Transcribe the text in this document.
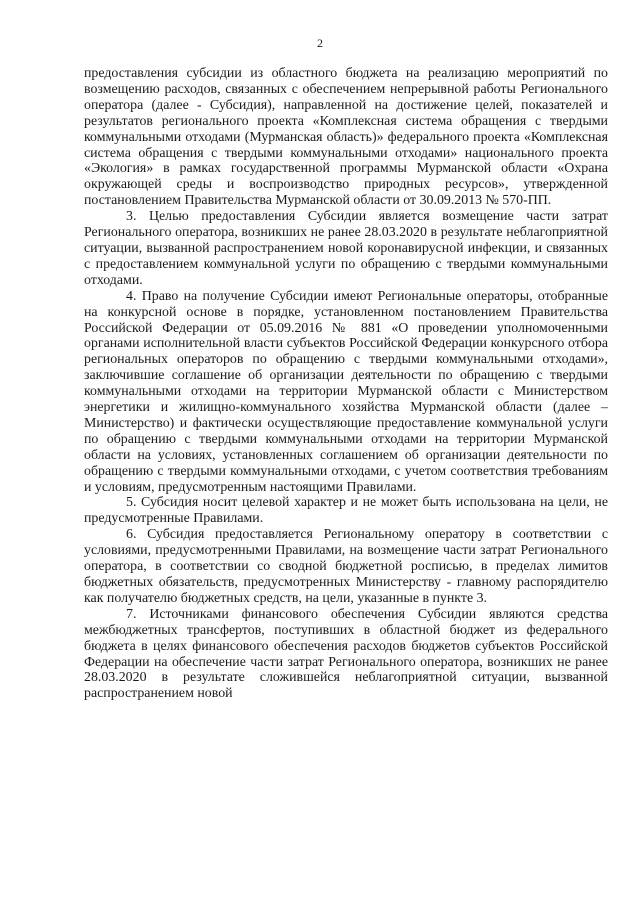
2

предоставления субсидии из областного бюджета на реализацию мероприятий по возмещению расходов, связанных с обеспечением непрерывной работы Регионального оператора (далее - Субсидия), направленной на достижение целей, показателей и результатов регионального проекта «Комплексная система обращения с твердыми коммунальными отходами (Мурманская область)» федерального проекта «Комплексная система обращения с твердыми коммунальными отходами» национального проекта «Экология» в рамках государственной программы Мурманской области «Охрана окружающей среды и воспроизводство природных ресурсов», утвержденной постановлением Правительства Мурманской области от 30.09.2013 № 570-ПП.

3. Целью предоставления Субсидии является возмещение части затрат Регионального оператора, возникших не ранее 28.03.2020 в результате неблагоприятной ситуации, вызванной распространением новой коронавирусной инфекции, и связанных с предоставлением коммунальной услуги по обращению с твердыми коммунальными отходами.

4. Право на получение Субсидии имеют Региональные операторы, отобранные на конкурсной основе в порядке, установленном постановлением Правительства Российской Федерации от 05.09.2016 № 881 «О проведении уполномоченными органами исполнительной власти субъектов Российской Федерации конкурсного отбора региональных операторов по обращению с твердыми коммунальными отходами», заключившие соглашение об организации деятельности по обращению с твердыми коммунальными отходами на территории Мурманской области с Министерством энергетики и жилищно-коммунального хозяйства Мурманской области (далее – Министерство) и фактически осуществляющие предоставление коммунальной услуги по обращению с твердыми коммунальными отходами на территории Мурманской области на условиях, установленных соглашением об организации деятельности по обращению с твердыми коммунальными отходами, с учетом соответствия требованиям и условиям, предусмотренным настоящими Правилами.

5. Субсидия носит целевой характер и не может быть использована на цели, не предусмотренные Правилами.

6. Субсидия предоставляется Региональному оператору в соответствии с условиями, предусмотренными Правилами, на возмещение части затрат Регионального оператора, в соответствии со сводной бюджетной росписью, в пределах лимитов бюджетных обязательств, предусмотренных Министерству - главному распорядителю как получателю бюджетных средств, на цели, указанные в пункте 3.

7. Источниками финансового обеспечения Субсидии являются средства межбюджетных трансфертов, поступивших в областной бюджет из федерального бюджета в целях финансового обеспечения расходов бюджетов субъектов Российской Федерации на обеспечение части затрат Регионального оператора, возникших не ранее 28.03.2020 в результате сложившейся неблагоприятной ситуации, вызванной распространением новой
